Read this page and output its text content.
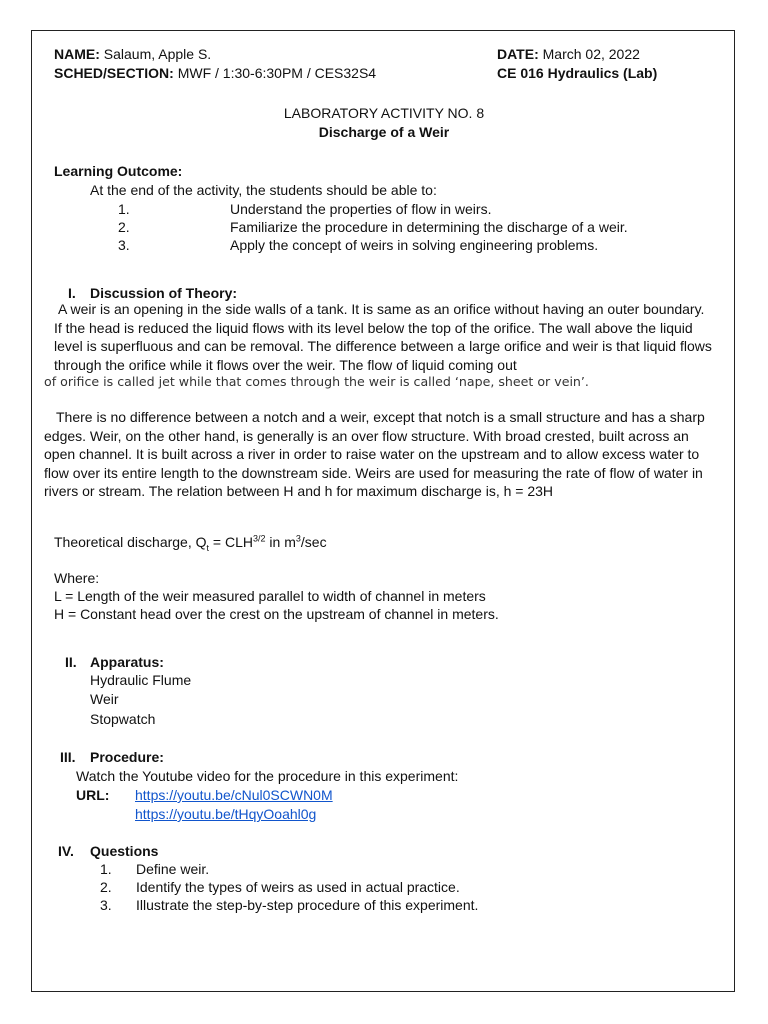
NAME: Salaum, Apple S.
SCHED/SECTION: MWF / 1:30-6:30PM / CES32S4
DATE: March 02, 2022
CE 016 Hydraulics (Lab)
LABORATORY ACTIVITY NO. 8
Discharge of a Weir
Learning Outcome:
At the end of the activity, the students should be able to:
1.	Understand the properties of flow in weirs.
2.	Familiarize the procedure in determining the discharge of a weir.
3.	Apply the concept of weirs in solving engineering problems.
I. Discussion of Theory:
A weir is an opening in the side walls of a tank. It is same as an orifice without having an outer boundary. If the head is reduced the liquid flows with its level below the top of the orifice. The wall above the liquid level is superfluous and can be removal. The difference between a large orifice and weir is that liquid flows through the orifice while it flows over the weir. The flow of liquid coming out
of orifice is called jet while that comes through the weir is called ‘nape, sheet or vein’.
There is no difference between a notch and a weir, except that notch is a small structure and has a sharp edges. Weir, on the other hand, is generally is an over flow structure. With broad crested, built across an open channel. It is built across a river in order to raise water on the upstream and to allow excess water to flow over its entire length to the downstream side. Weirs are used for measuring the rate of flow of water in rivers or stream. The relation between H and h for maximum discharge is, h = 23H
Theoretical discharge, $Q_t = CLH^{3/2}$ in $m^3/\sec$
Where:
L = Length of the weir measured parallel to width of channel in meters
H = Constant head over the crest on the upstream of channel in meters.
II. Apparatus:
Hydraulic Flume
Weir
Stopwatch
III. Procedure:
Watch the Youtube video for the procedure in this experiment:
URL: https://youtu.be/cNul0SCWN0M
https://youtu.be/tHqyOoahl0g
IV. Questions
1. Define weir.
2. Identify the types of weirs as used in actual practice.
3. Illustrate the step-by-step procedure of this experiment.
